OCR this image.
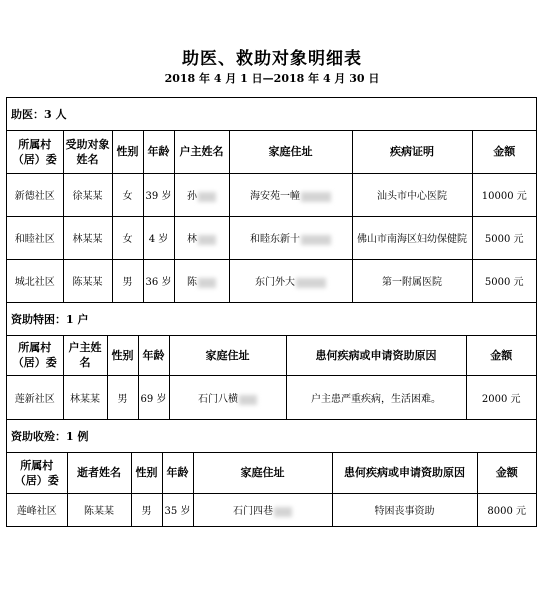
助医、救助对象明细表
2018 年 4 月 1 日—2018 年 4 月 30 日
助医：3 人
所属村（居）委	受助对象姓名	性别	年龄	户主姓名	家庭住址	疾病证明	金额
新德社区	徐某某	女	39 岁	孙	海安苑一幢	汕头市中心医院	10000 元
和睦社区	林某某	女	4 岁	林	和睦东新十	佛山市南海区妇幼保健院	5000 元
城北社区	陈某某	男	36 岁	陈	东门外大	第一附属医院	5000 元
资助特困：1 户
所属村（居）委	户主姓名	性别	年龄	家庭住址	患何疾病或申请资助原因	金额
莲新社区	林某某	男	69 岁	石门八横	户主患严重疾病，生活困难。	2000 元
资助收殓：1 例
所属村（居）委	逝者姓名	性别	年龄	家庭住址	患何疾病或申请资助原因	金额
莲峰社区	陈某某	男	35 岁	石门四巷	特困丧事资助	8000 元
